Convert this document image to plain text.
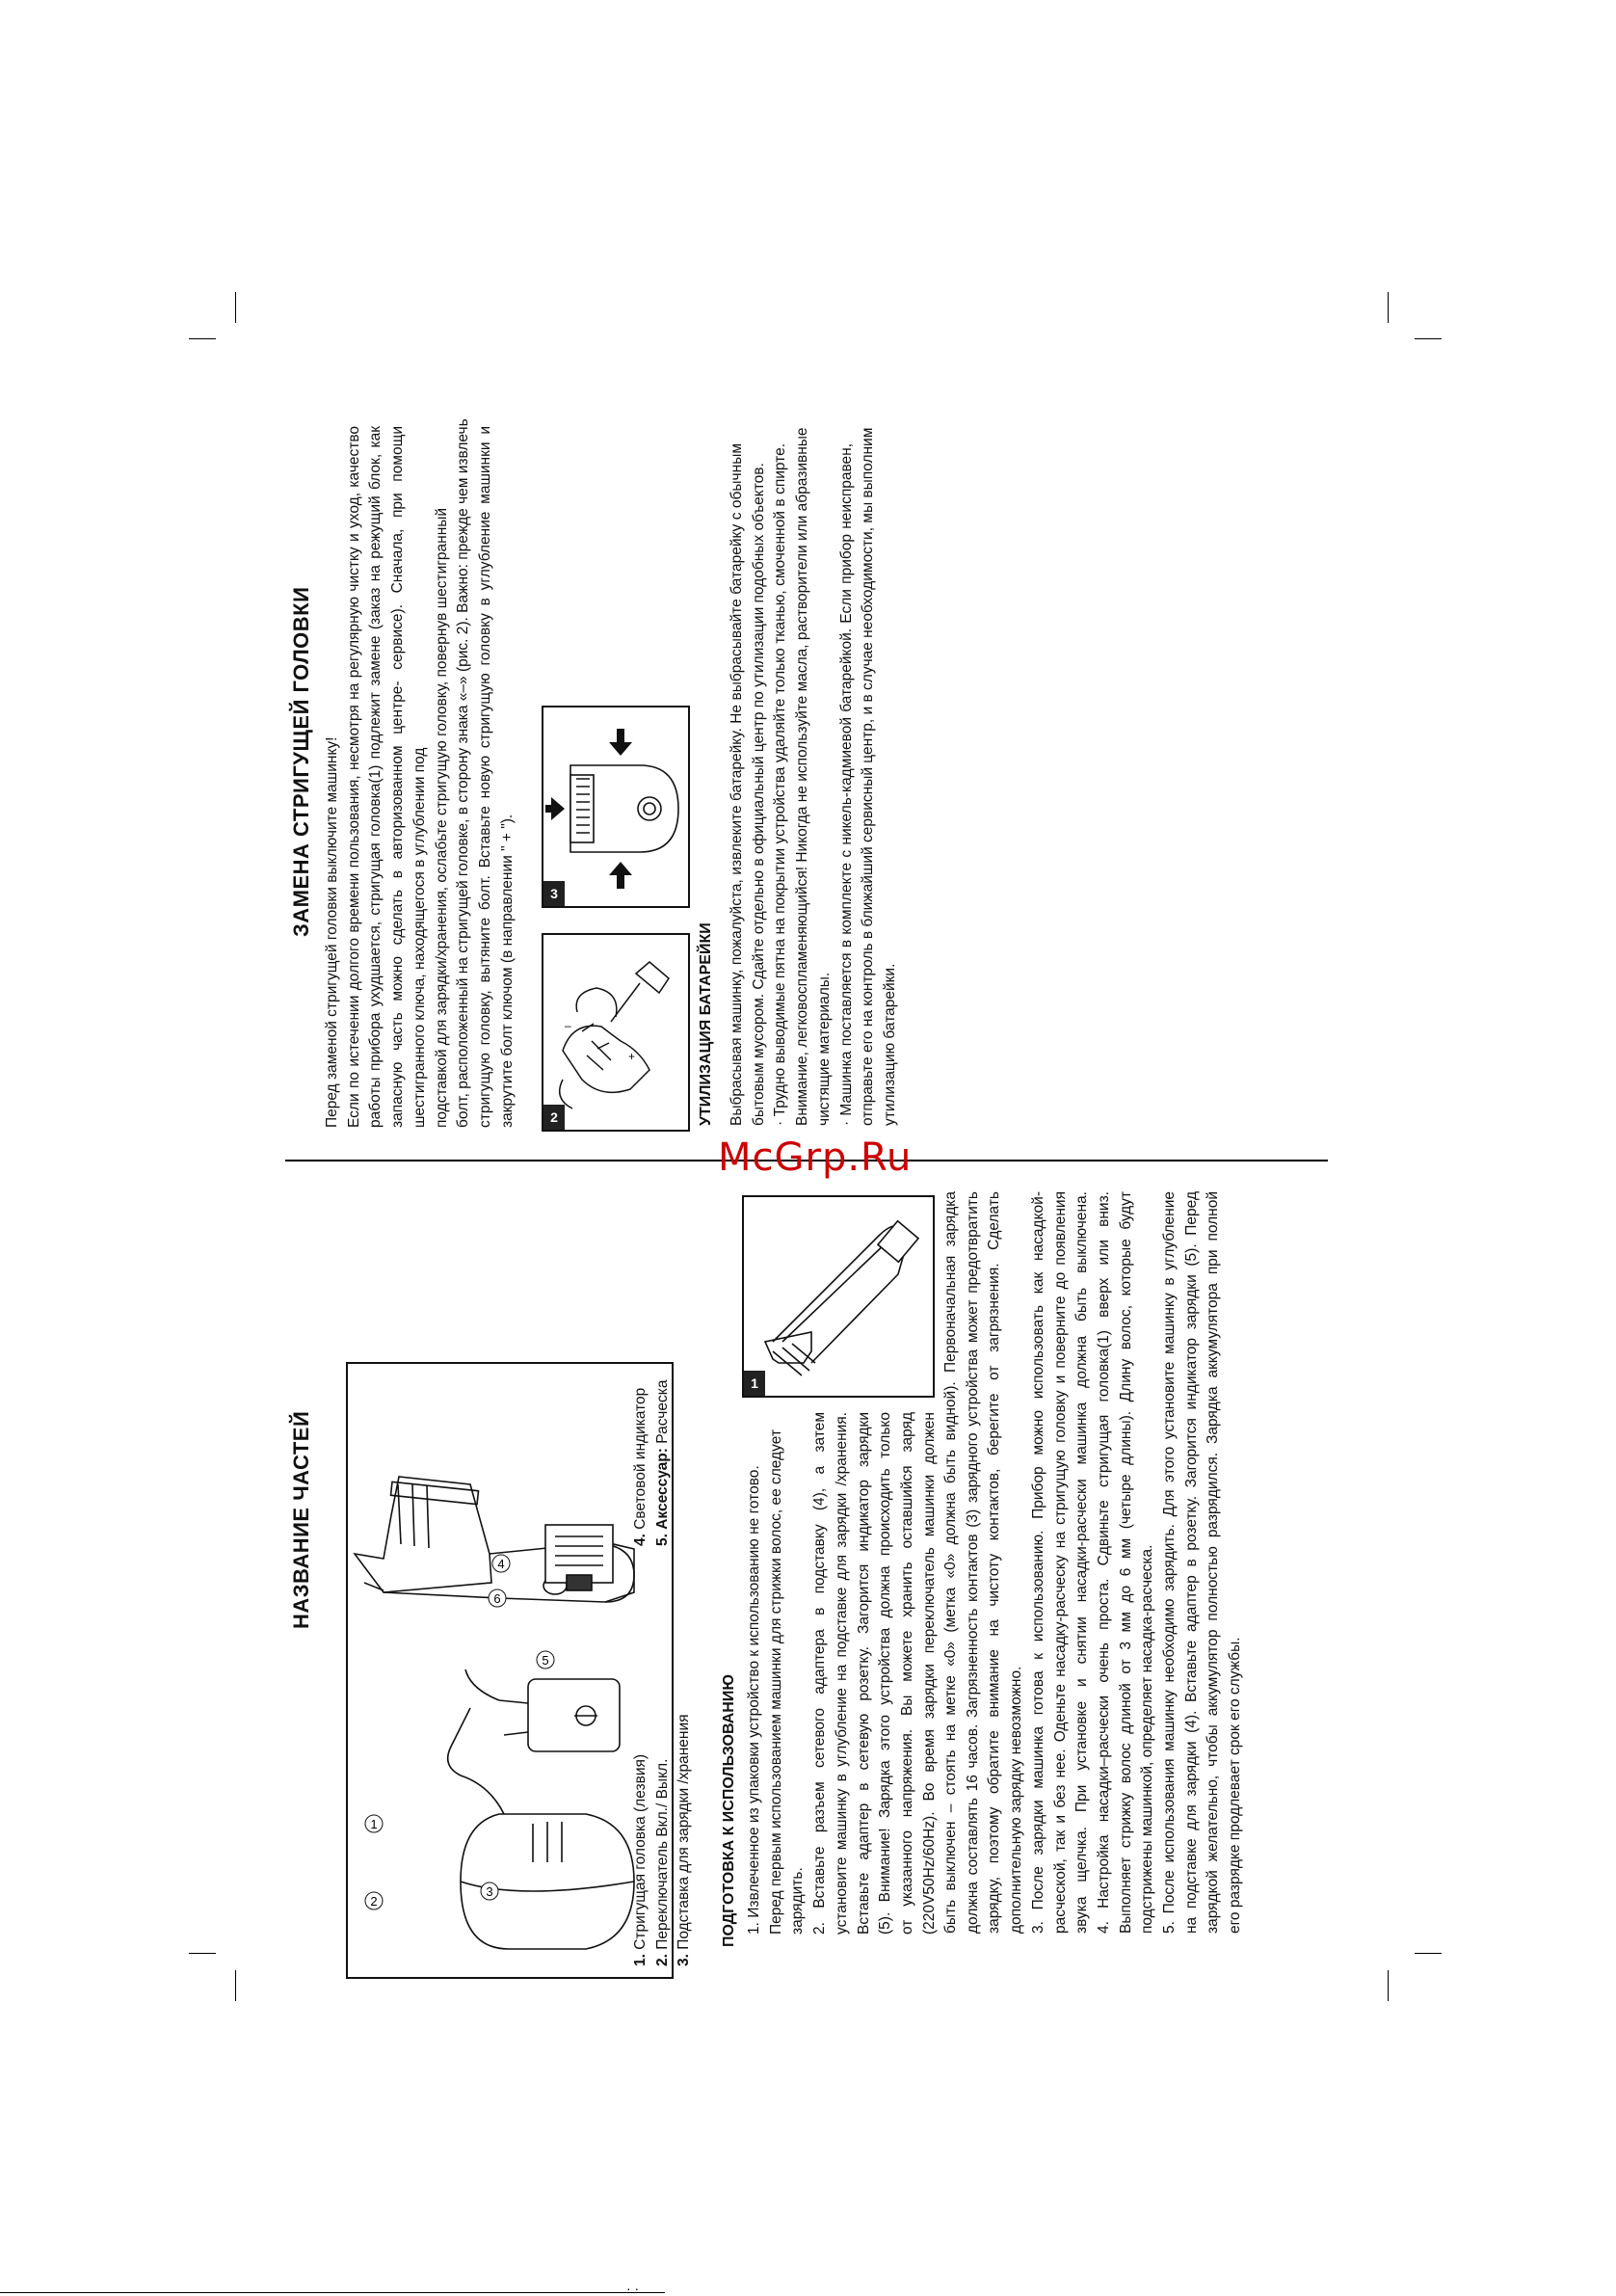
НАЗВАНИЕ ЧАСТЕЙ
1
2
3
4
5
6
1. Стригущая головка (лезвия)
2. Переключатель Вкл./ Выкл.
3. Подставка для зарядки /хранения
4. Световой индикатор
5. Аксессуар: Расческа
ПОДГОТОВКА К ИСПОЛЬЗОВАНИЮ
1
1. Извлеченное из упаковки устройство к использованию не готово. Перед первым использованием машинки для стрижки волос, ее следует зарядить. 2. Вставьте разъем сетевого адаптера в подставку (4), а затем установите машинку в углубление на подставке для зарядки /хранения. Вставьте адаптер в сетевую розетку. Загорится индикатор зарядки (5). Внимание! Зарядка этого устройства должна происходить только от указанного напряжения. Вы можете хранить оставшийся заряд (220V50Hz/60Hz). Во время зарядки переключатель машинки должен быть выключен – стоять на метке «0» (метка «0» должна быть видной). Первоначальная зарядка должна составлять 16 часов. Загрязненность контактов (3) зарядного устройства может предотвратить зарядку, поэтому обратите внимание на чистоту контактов, берегите от загрязнения. Сделать дополнительную зарядку невозможно. 3. После зарядки машинка готова к использованию. Прибор можно использовать как насадкой- расческой, так и без нее. Оденьте насадку-расческу на стригущую головку и поверните до появления звука щелчка. При установке и снятии насадки-расчески машинка должна быть выключена. 4. Настройка насадки–расчески очень проста. Сдвиньте стригущая головка(1) вверх или вниз. Выполняет стрижку волос длиной от 3 мм до 6 мм (четыре длины). Длину волос, которые будут подстрижены машинкой, определяет насадка-расческа. 5. После использования машинку необходимо зарядить. Для этого установите машинку в углубление на подставке для зарядки (4). Вставьте адаптер в розетку. Загорится индикатор зарядки (5). Перед зарядкой желательно, чтобы аккумулятор полностью разрядился. Зарядка аккумулятора при полной его разрядке продлевает срок его службы.
ЗАМЕНА СТРИГУЩЕЙ ГОЛОВКИ Перед заменой стригущей головки выключите машинку! Если по истечении долгого времени пользования, несмотря на регулярную чистку и уход, качество работы прибора ухудшается, стригущая головка(1) подлежит замене (заказ на режущий блок, как запасную часть можно сделать в авторизованном центре- сервисе). Сначала, при помощи шестигранного ключа, находящегося в углублении под подставкой для зарядки/хранения, ослабьте стригущую головку, повернув шестигранный болт, расположенный на стригущей головке, в сторону знака «–» (рис. 2). Важно: прежде чем извлечь стригущую головку, вытяните болт. Вставьте новую стригущую головку в углубление машинки и закрутите болт ключом (в направлении " + ").	–
+
2
3
УТИЛИЗАЦИЯ БАТАРЕЙКИ Выбрасывая машинку, пожалуйста, извлеките батарейку. Не выбрасывайте батарейку с обычным бытовым мусором. Сдайте отдельно в официальный центр по утилизации подобных объектов. · Трудно выводимые пятна на покрытии устройства удаляйте только тканью, смоченной в спирте. Внимание, легковоспламеняющийся! Никогда не используйте масла, растворители или абразивные чистящие материалы. · Машинка поставляется в комплекте с никель-кадмиевой батарейкой. Если прибор неисправен, отправьте его на контроль в ближайший сервисный центр, и в случае необходимости, мы выполним утилизацию батарейки.
McGrp.Ru
· ·
